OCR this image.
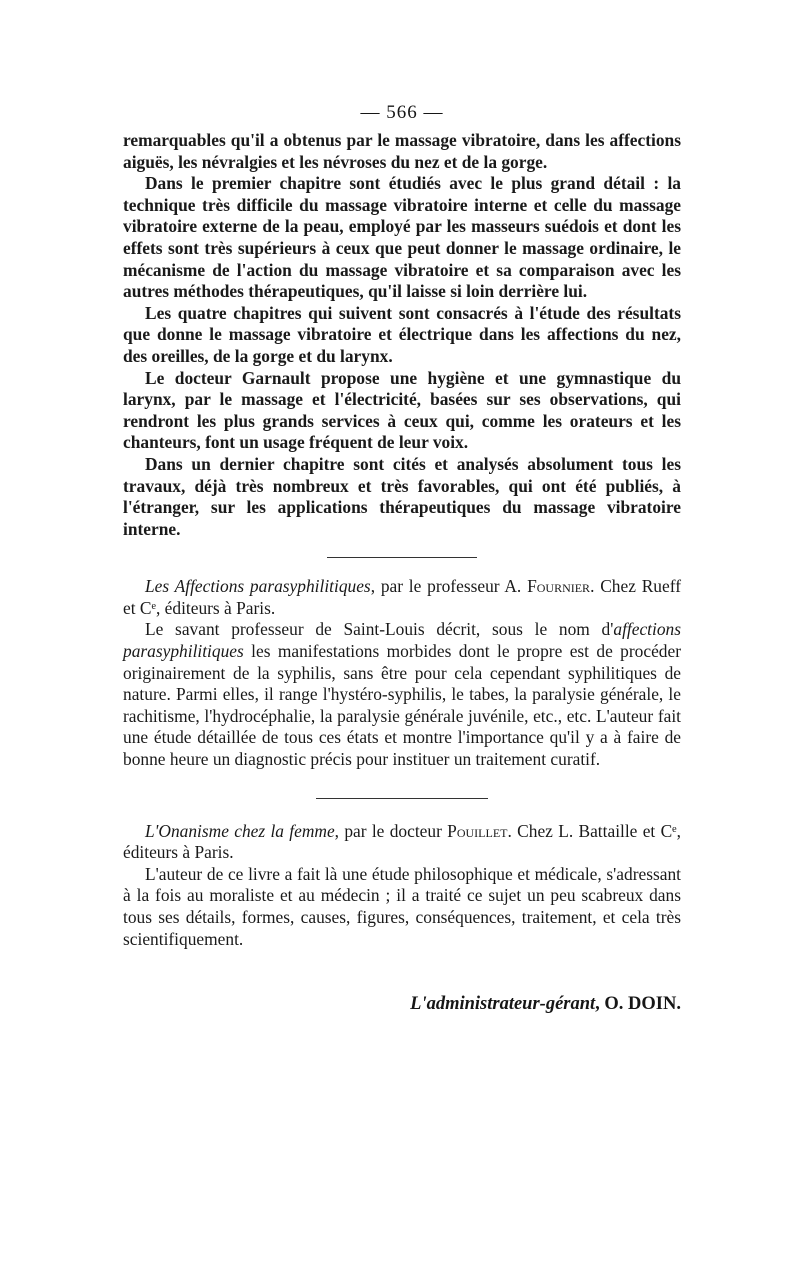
— 566 —

remarquables qu'il a obtenus par le massage vibratoire, dans les affections aiguës, les névralgies et les névroses du nez et de la gorge.

Dans le premier chapitre sont étudiés avec le plus grand détail : la technique très difficile du massage vibratoire interne et celle du massage vibratoire externe de la peau, employé par les masseurs suédois et dont les effets sont très supérieurs à ceux que peut donner le massage ordinaire, le mécanisme de l'action du massage vibratoire et sa comparaison avec les autres méthodes thérapeutiques, qu'il laisse si loin derrière lui.

Les quatre chapitres qui suivent sont consacrés à l'étude des résultats que donne le massage vibratoire et électrique dans les affections du nez, des oreilles, de la gorge et du larynx.

Le docteur Garnault propose une hygiène et une gymnastique du larynx, par le massage et l'électricité, basées sur ses observations, qui rendront les plus grands services à ceux qui, comme les orateurs et les chanteurs, font un usage fréquent de leur voix.

Dans un dernier chapitre sont cités et analysés absolument tous les travaux, déjà très nombreux et très favorables, qui ont été publiés, à l'étranger, sur les applications thérapeutiques du massage vibratoire interne.

Les Affections parasyphilitiques, par le professeur A. Fournier. Chez Rueff et Cᵉ, éditeurs à Paris.

Le savant professeur de Saint-Louis décrit, sous le nom d'affections parasyphilitiques les manifestations morbides dont le propre est de procéder originairement de la syphilis, sans être pour cela cependant syphilitiques de nature. Parmi elles, il range l'hystéro-syphilis, le tabes, la paralysie générale, le rachitisme, l'hydrocéphalie, la paralysie générale juvénile, etc., etc. L'auteur fait une étude détaillée de tous ces états et montre l'importance qu'il y a à faire de bonne heure un diagnostic précis pour instituer un traitement curatif.

L'Onanisme chez la femme, par le docteur Pouillet. Chez L. Battaille et Cᵉ, éditeurs à Paris.

L'auteur de ce livre a fait là une étude philosophique et médicale, s'adressant à la fois au moraliste et au médecin ; il a traité ce sujet un peu scabreux dans tous ses détails, formes, causes, figures, conséquences, traitement, et cela très scientifiquement.

L'administrateur-gérant, O. DOIN.
